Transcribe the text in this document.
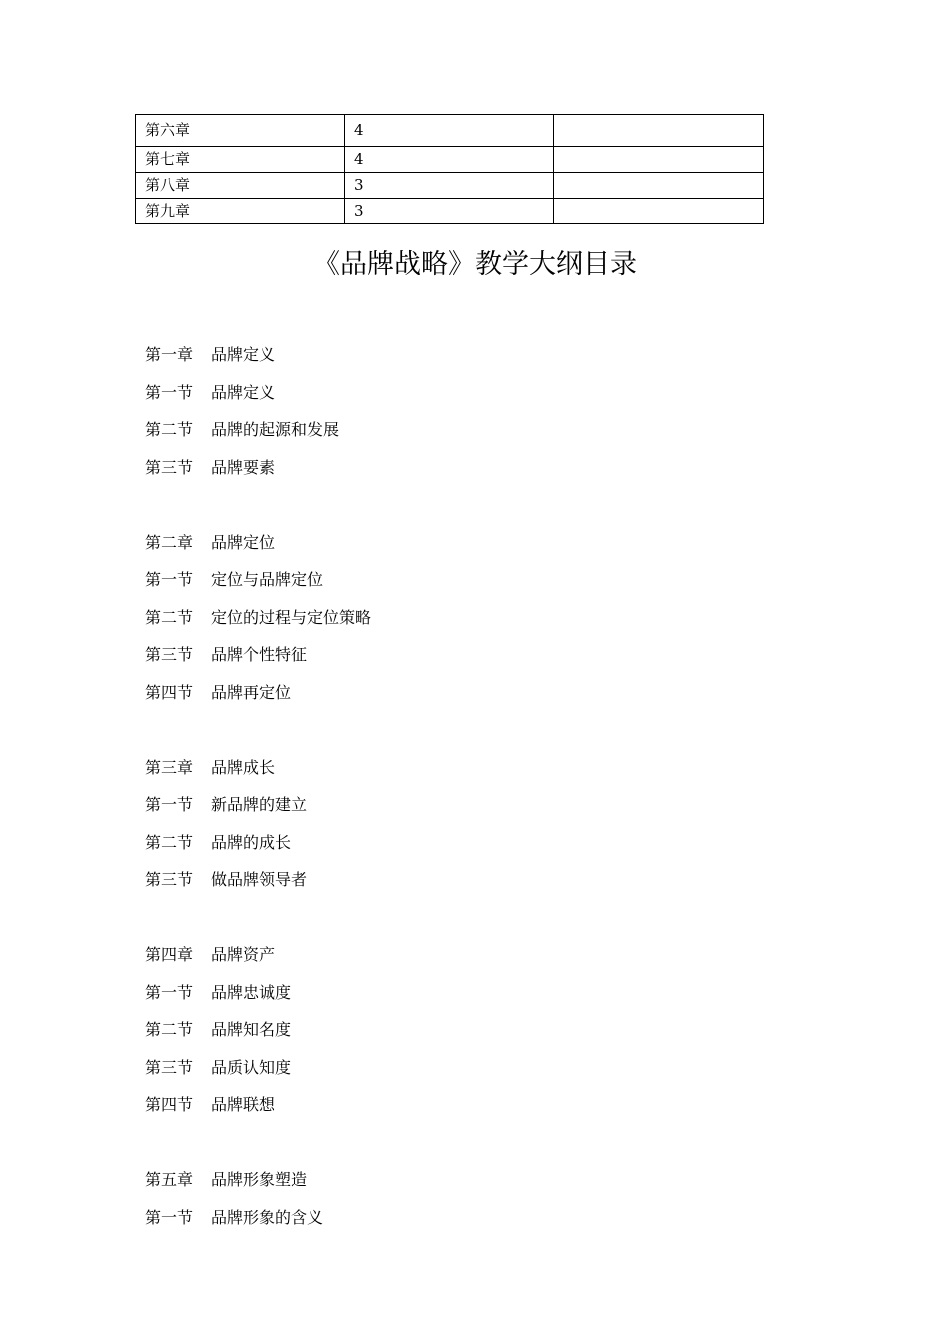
第六章	4	
第七章	4	
第八章	3	
第九章	3	
《品牌战略》教学大纲目录
第一章 品牌定义
第一节 品牌定义
第二节 品牌的起源和发展
第三节 品牌要素
第二章 品牌定位
第一节 定位与品牌定位
第二节 定位的过程与定位策略
第三节 品牌个性特征
第四节 品牌再定位
第三章 品牌成长
第一节 新品牌的建立
第二节 品牌的成长
第三节 做品牌领导者
第四章 品牌资产
第一节 品牌忠诚度
第二节 品牌知名度
第三节 品质认知度
第四节 品牌联想
第五章 品牌形象塑造
第一节 品牌形象的含义
